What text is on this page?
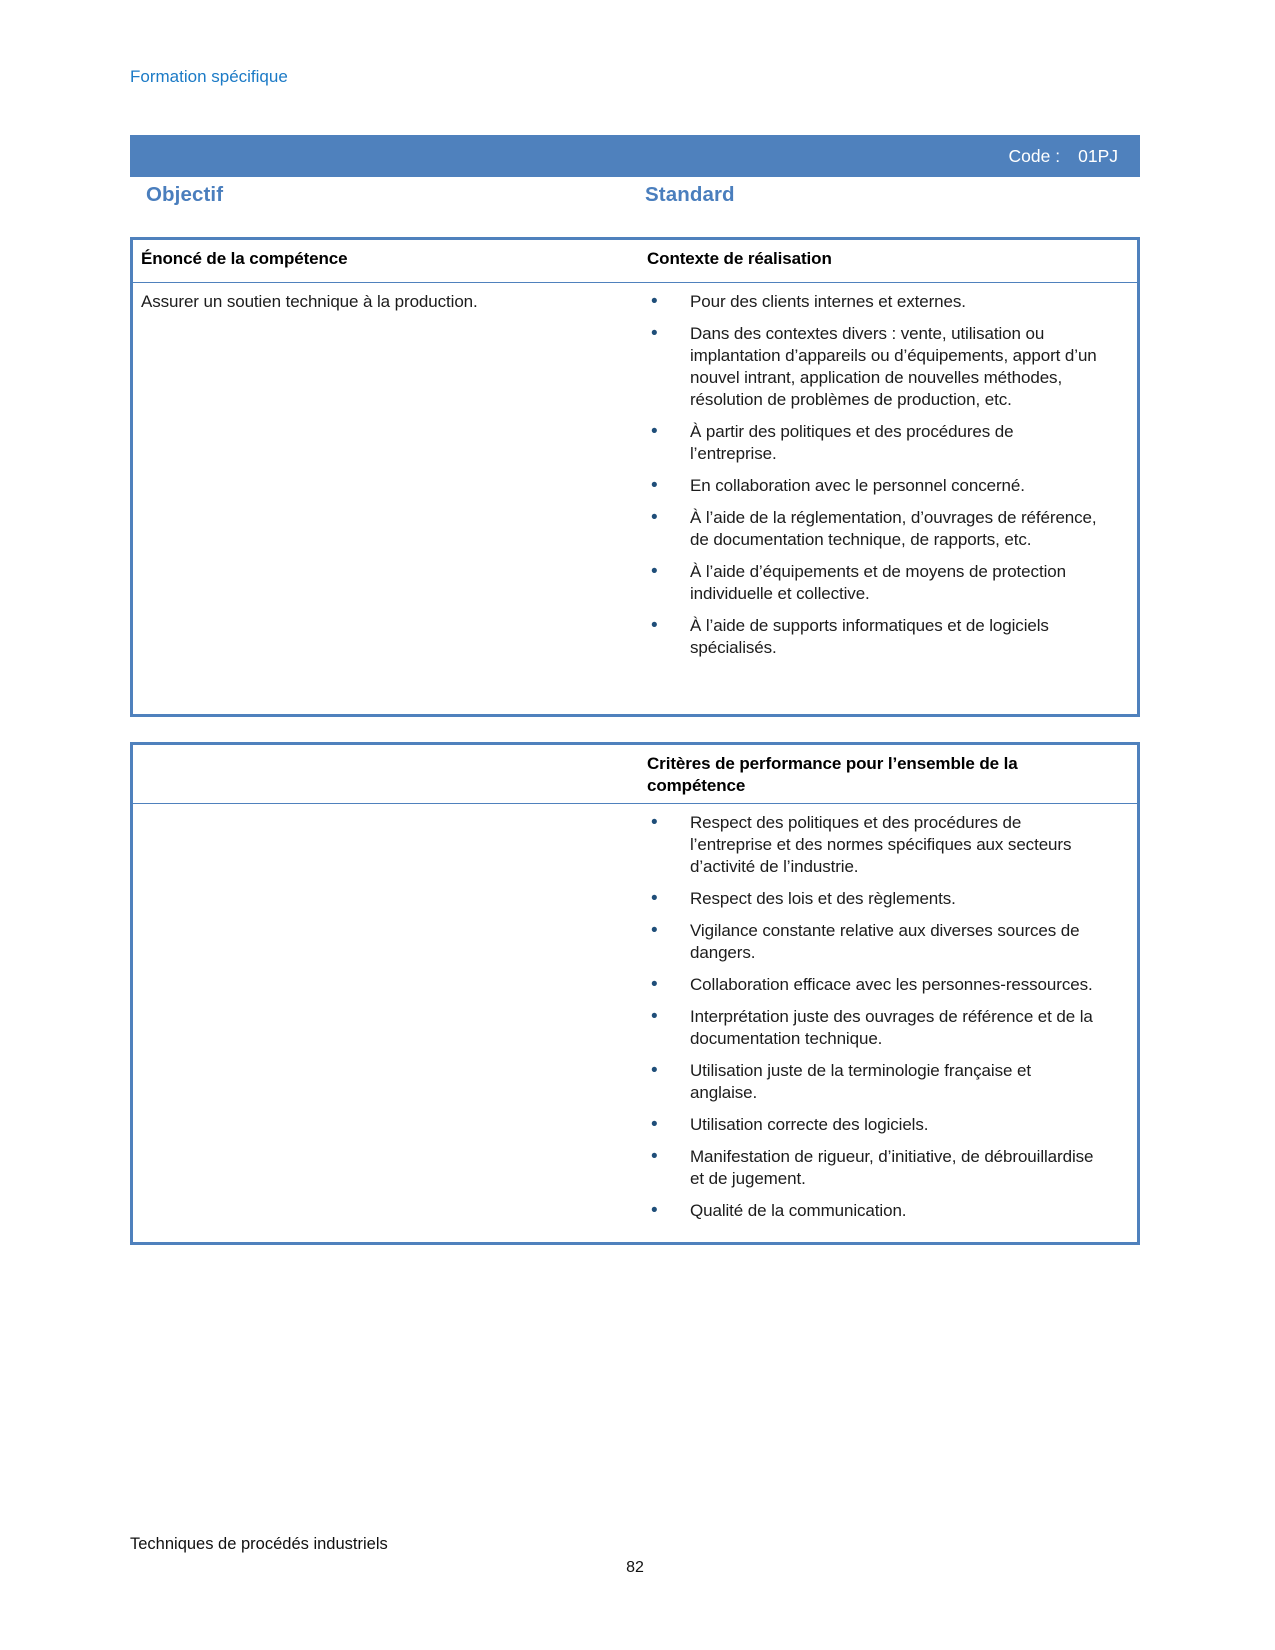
Formation spécifique
Code : 01PJ
Objectif	Standard
Énoncé de la compétence	Contexte de réalisation
Assurer un soutien technique à la production.	• Pour des clients internes et externes.
• Dans des contextes divers : vente, utilisation ou implantation d’appareils ou d’équipements, apport d’un nouvel intrant, application de nouvelles méthodes, résolution de problèmes de production, etc.
• À partir des politiques et des procédures de l’entreprise.
• En collaboration avec le personnel concerné.
• À l’aide de la réglementation, d’ouvrages de référence, de documentation technique, de rapports, etc.
• À l’aide d’équipements et de moyens de protection individuelle et collective.
• À l’aide de supports informatiques et de logiciels spécialisés.
Critères de performance pour l’ensemble de la compétence
• Respect des politiques et des procédures de l’entreprise et des normes spécifiques aux secteurs d’activité de l’industrie.
• Respect des lois et des règlements.
• Vigilance constante relative aux diverses sources de dangers.
• Collaboration efficace avec les personnes-ressources.
• Interprétation juste des ouvrages de référence et de la documentation technique.
• Utilisation juste de la terminologie française et anglaise.
• Utilisation correcte des logiciels.
• Manifestation de rigueur, d’initiative, de débrouillardise et de jugement.
• Qualité de la communication.
Techniques de procédés industriels
82
